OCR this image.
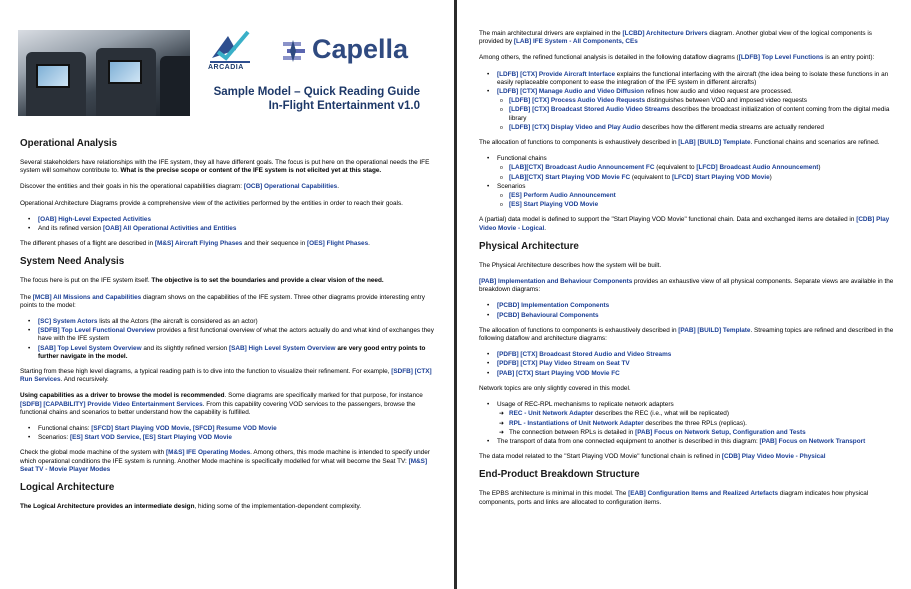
ARCADIA
Capella
Sample Model – Quick Reading Guide
In-Flight Entertainment v1.0
Operational Analysis

Several stakeholders have relationships with the IFE system, they all have different goals. The focus is put here on the operational needs the IFE system will somehow contribute to. What is the precise scope or content of the IFE system is not elicited yet at this stage.

Discover the entities and their goals in his the operational capabilities diagram: [OCB] Operational Capabilities.

Operational Architecture Diagrams provide a comprehensive view of the activities performed by the entities in order to reach their goals.

• [OAB] High-Level Expected Activities
• And its refined version [OAB] All Operational Activities and Entities

The different phases of a flight are described in [M&S] Aircraft Flying Phases and their sequence in [OES] Flight Phases.

System Need Analysis

The focus here is put on the IFE system itself. The objective is to set the boundaries and provide a clear vision of the need.

The [MCB] All Missions and Capabilities diagram shows on the capabilities of the IFE system. Three other diagrams provide interesting entry points to the model:

• [SC] System Actors lists all the Actors (the aircraft is considered as an actor)
• [SDFB] Top Level Functional Overview provides a first functional overview of what the actors actually do and what kind of exchanges they have with the IFE system
• [SAB] Top Level System Overview and its slightly refined version [SAB] High Level System Overview are very good entry points to further navigate in the model.

Starting from these high level diagrams, a typical reading path is to dive into the function to visualize their refinement. For example, [SDFB] [CTX] Run Services. And recursively.

Using capabilities as a driver to browse the model is recommended. Some diagrams are specifically marked for that purpose, for instance [SDFB] [CAPABILITY] Provide Video Entertainment Services. From this capability covering VOD services to the passengers, browse the functional chains and scenarios to better understand how the capability is fulfilled.

• Functional chains: [SFCD] Start Playing VOD Movie, [SFCD] Resume VOD Movie
• Scenarios: [ES] Start VOD Service, [ES] Start Playing VOD Movie

Check the global mode machine of the system with [M&S] IFE Operating Modes. Among others, this mode machine is intended to specify under which operational conditions the IFE system is running. Another Mode machine is specifically modelled for what will become the Seat TV: [M&S] Seat TV - Movie Player Modes

Logical Architecture

The Logical Architecture provides an intermediate design, hiding some of the implementation-dependent complexity.

The main architectural drivers are explained in the [LCBD] Architecture Drivers diagram. Another global view of the logical components is provided by [LAB] IFE System - All Components, CEs

Among others, the refined functional analysis is detailed in the following dataflow diagrams ([LDFB] Top Level Functions is an entry point):

• [LDFB] [CTX] Provide Aircraft Interface explains the functional interfacing with the aircraft (the idea being to isolate these functions in an easily replaceable component to ease the integration of the IFE system in different aircrafts)
• [LDFB] [CTX] Manage Audio and Video Diffusion refines how audio and video request are processed.
o [LDFB] [CTX] Process Audio Video Requests distinguishes between VOD and imposed video requests
o [LDFB] [CTX] Broadcast Stored Audio Video Streams describes the broadcast initialization of content coming from the digital media library
o [LDFB] [CTX] Display Video and Play Audio describes how the different media streams are actually rendered

The allocation of functions to components is exhaustively described in [LAB] [BUILD] Template. Functional chains and scenarios are refined.

• Functional chains
o [LAB][CTX] Broadcast Audio Announcement FC (equivalent to [LFCD] Broadcast Audio Announcement)
o [LAB][CTX] Start Playing VOD Movie FC (equivalent to [LFCD] Start Playing VOD Movie)
• Scenarios
o [ES] Perform Audio Announcement
o [ES] Start Playing VOD Movie

A (partial) data model is defined to support the "Start Playing VOD Movie" functional chain. Data and exchanged items are detailed in [CDB] Play Video Movie - Logical.

Physical Architecture

The Physical Architecture describes how the system will be built.

[PAB] Implementation and Behaviour Components provides an exhaustive view of all physical components. Separate views are available in the breakdown diagrams:

• [PCBD] Implementation Components
• [PCBD] Behavioural Components

The allocation of functions to components is exhaustively described in [PAB] [BUILD] Template. Streaming topics are refined and described in the following dataflow and architecture diagrams:

• [PDFB] [CTX] Broadcast Stored Audio and Video Streams
• [PDFB] [CTX] Play Video Stream on Seat TV
• [PAB] [CTX] Start Playing VOD Movie FC

Network topics are only slightly covered in this model.

• Usage of REC-RPL mechanisms to replicate network adapters
➜ REC - Unit Network Adapter describes the REC (i.e., what will be replicated)
➜ RPL - Instantiations of Unit Network Adapter describes the three RPLs (replicas).
➜ The connection between RPLs is detailed in [PAB] Focus on Network Setup, Configuration and Tests
• The transport of data from one connected equipment to another is described in this diagram: [PAB] Focus on Network Transport

The data model related to the "Start Playing VOD Movie" functional chain is refined in [CDB] Play Video Movie - Physical

End-Product Breakdown Structure

The EPBS architecture is minimal in this model. The [EAB] Configuration Items and Realized Artefacts diagram indicates how physical components, ports and links are allocated to configuration items.
